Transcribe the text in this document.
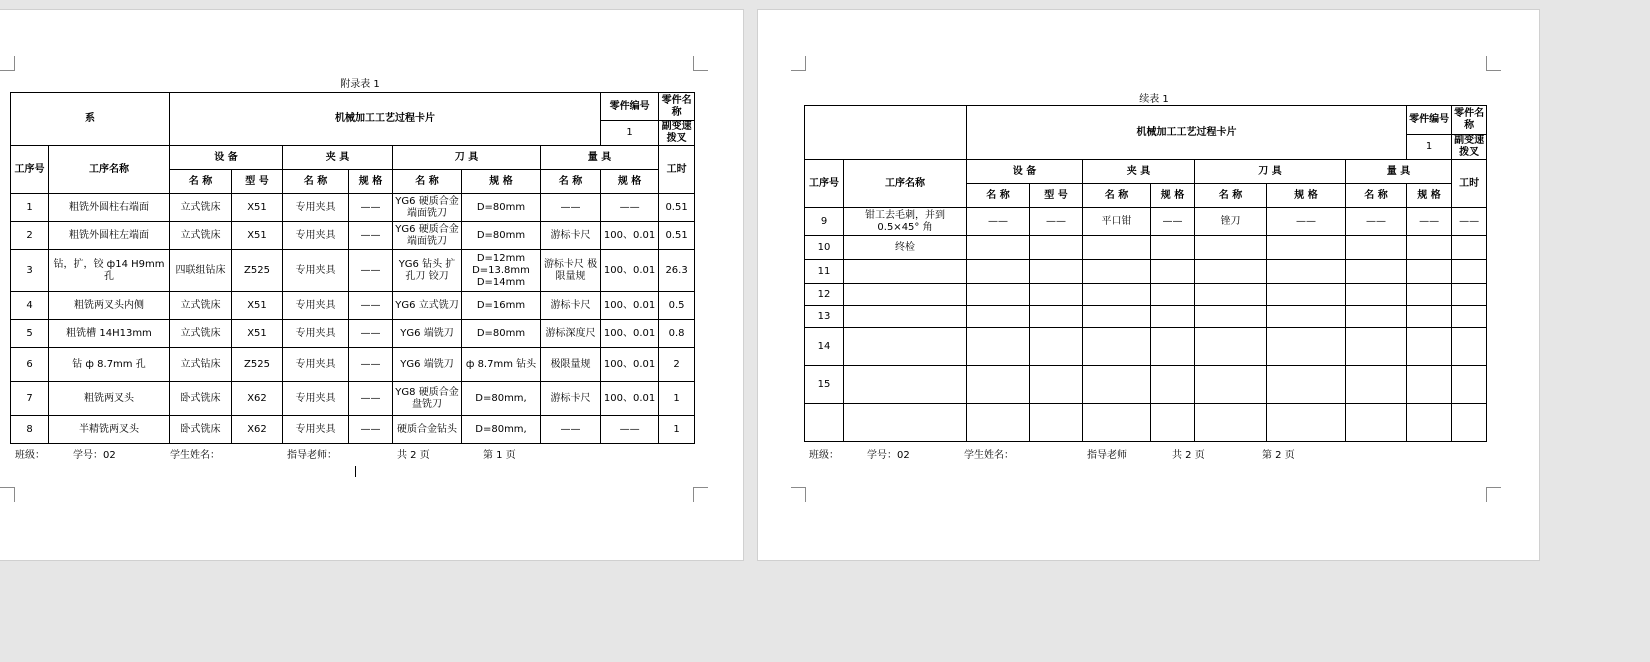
附录表 1
系		机械加工工艺过程卡片							零件编号	零件名称
									1	副变速拨叉
工序号	工序名称	设 备		夹 具		刀 具		量 具		工时
		名 称	型 号	名 称	规 格	名 称	规 格	名 称	规 格	
1	粗铣外圆柱右端面	立式铣床	X51	专用夹具	——	YG6 硬质合金端面铣刀	D=80mm	——	——	0.51
2	粗铣外圆柱左端面	立式铣床	X51	专用夹具	——	YG6 硬质合金端面铣刀	D=80mm	游标卡尺	100、0.01	0.51
3	钻，扩，铰 ф14 H9mm 孔	四联组钻床	Z525	专用夹具	——	YG6 钻头 扩孔刀 铰刀	D=12mm D=13.8mm D=14mm	游标卡尺 极限量规	100、0.01	26.3
4	粗铣两叉头内侧	立式铣床	X51	专用夹具	——	YG6 立式铣刀	D=16mm	游标卡尺	100、0.01	0.5
5	粗铣槽 14H13mm	立式铣床	X51	专用夹具	——	YG6 端铣刀	D=80mm	游标深度尺	100、0.01	0.8
6	钻 ф 8.7mm 孔	立式钻床	Z525	专用夹具	——	YG6 端铣刀	ф 8.7mm 钻头	极限量规	100、0.01	2
7	粗铣两叉头	卧式铣床	X62	专用夹具	——	YG8 硬质合金盘铣刀	D=80mm,	游标卡尺	100、0.01	1
8	半精铣两叉头	卧式铣床	X62	专用夹具	——	硬质合金钻头	D=80mm,	——	——	1
班级：	学号：02	学生姓名：	指导老师：	共 2 页	第 1 页
续表 1
		机械加工工艺过程卡片							零件编号	零件名称
									1	副变速拨叉
工序号	工序名称	设 备		夹 具		刀 具		量 具		工时
		名 称	型 号	名 称	规 格	名 称	规 格	名 称	规 格	
9	钳工去毛刺，并到 0.5×45° 角	——	——	平口钳	——	锉刀	——	——	——	——
10	终检									
11										
12										
13										
14										
15										

班级：	学号：02	学生姓名：	指导老师	共 2 页	第 2 页
